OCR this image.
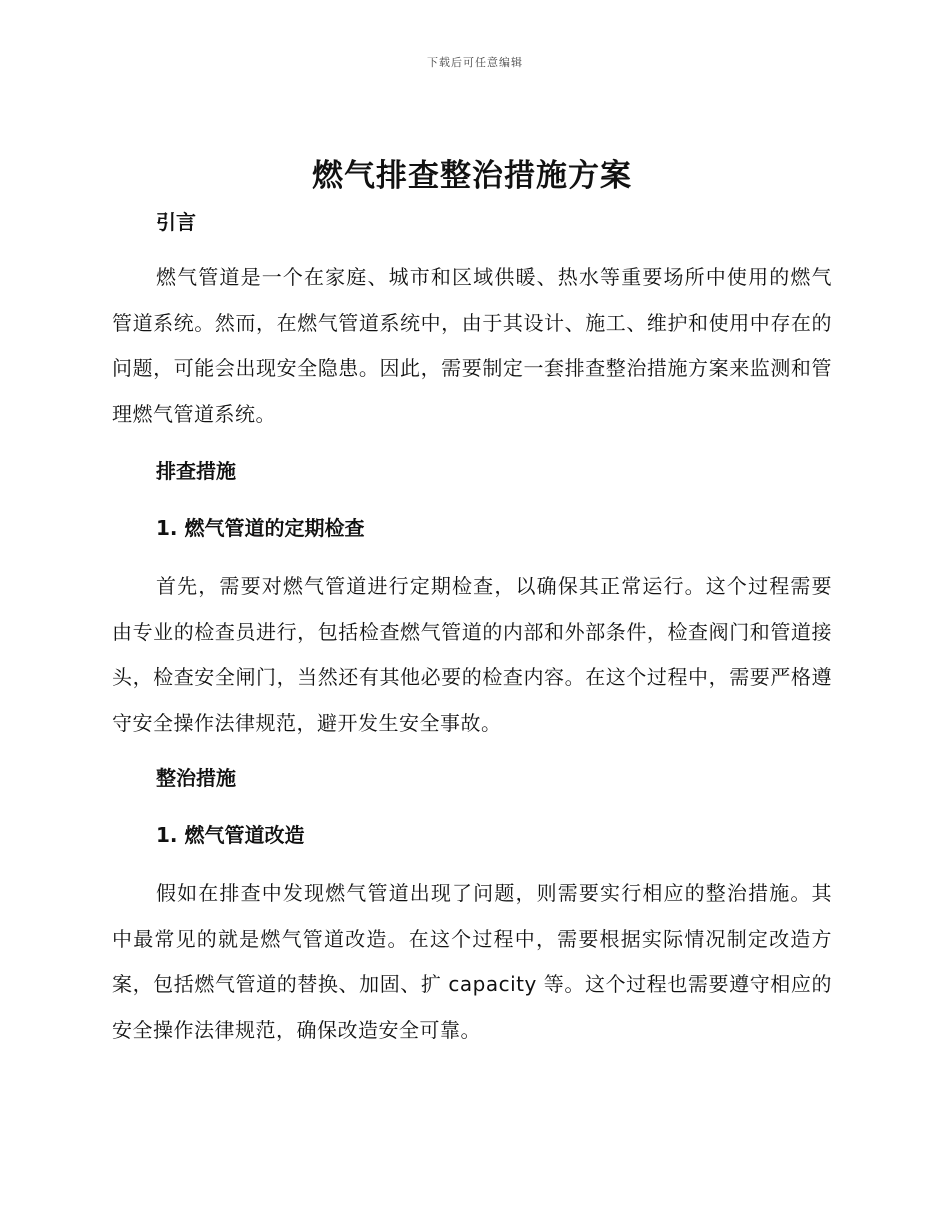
下载后可任意编辑
燃气排查整治措施方案
引言

燃气管道是一个在家庭、城市和区域供暖、热水等重要场所中使用的燃气管道系统。然而，在燃气管道系统中，由于其设计、施工、维护和使用中存在的问题，可能会出现安全隐患。因此，需要制定一套排查整治措施方案来监测和管理燃气管道系统。

排查措施
1. 燃气管道的定期检查

首先，需要对燃气管道进行定期检查，以确保其正常运行。这个过程需要由专业的检查员进行，包括检查燃气管道的内部和外部条件，检查阀门和管道接头，检查安全闸门，当然还有其他必要的检查内容。在这个过程中，需要严格遵守安全操作法律规范，避开发生安全事故。

整治措施
1. 燃气管道改造

假如在排查中发现燃气管道出现了问题，则需要实行相应的整治措施。其中最常见的就是燃气管道改造。在这个过程中，需要根据实际情况制定改造方案，包括燃气管道的替换、加固、扩 capacity 等。这个过程也需要遵守相应的安全操作法律规范，确保改造安全可靠。
